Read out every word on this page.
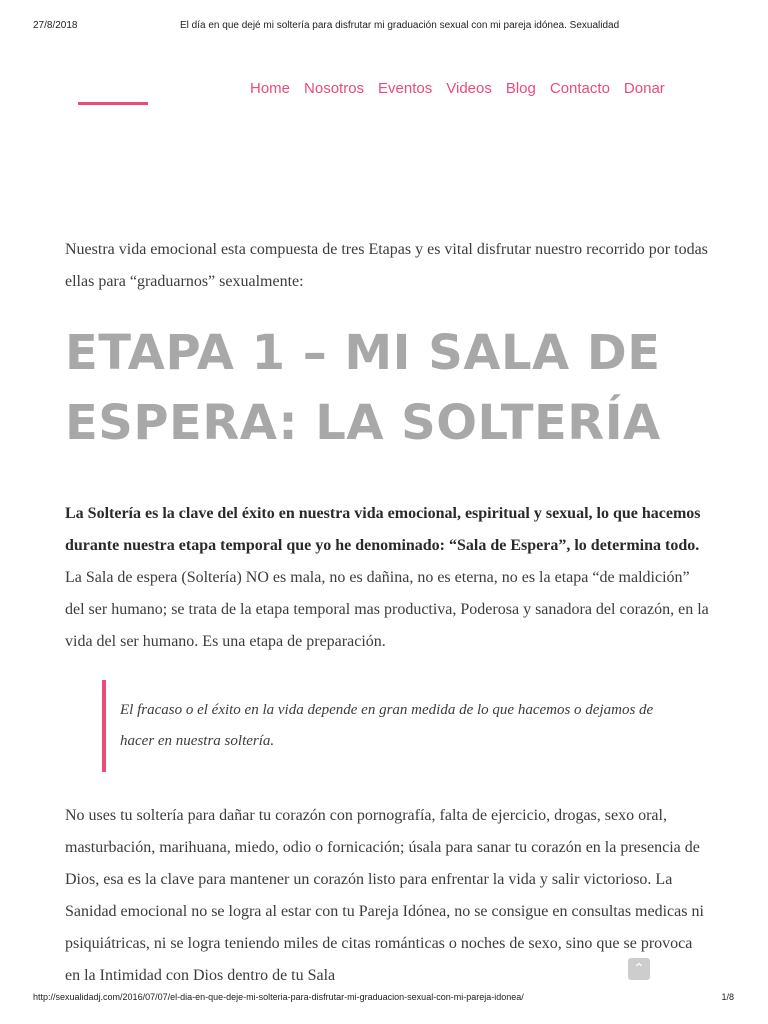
27/8/2018	El día en que dejé mi soltería para disfrutar mi graduación sexual con mi pareja idónea. Sexualidad
Home Nosotros Eventos Videos Blog Contacto Donar

Nuestra vida emocional esta compuesta de tres Etapas y es vital disfrutar nuestro recorrido por todas ellas para “graduarnos” sexualmente:

ETAPA 1 – MI SALA DE ESPERA: LA SOLTERÍA

La Soltería es la clave del éxito en nuestra vida emocional, espiritual y sexual, lo que hacemos durante nuestra etapa temporal que yo he denominado: “Sala de Espera”, lo determina todo. La Sala de espera (Soltería) NO es mala, no es dañina, no es eterna, no es la etapa “de maldición” del ser humano; se trata de la etapa temporal mas productiva, Poderosa y sanadora del corazón, en la vida del ser humano. Es una etapa de preparación.

El fracaso o el éxito en la vida depende en gran medida de lo que hacemos o dejamos de hacer en nuestra soltería.

No uses tu soltería para dañar tu corazón con pornografía, falta de ejercicio, drogas, sexo oral, masturbación, marihuana, miedo, odio o fornicación; úsala para sanar tu corazón en la presencia de Dios, esa es la clave para mantener un corazón listo para enfrentar la vida y salir victorioso. La Sanidad emocional no se logra al estar con tu Pareja Idónea, no se consigue en consultas medicas ni psiquiátricas, ni se logra teniendo miles de citas románticas o noches de sexo, sino que se provoca en la Intimidad con Dios dentro de tu Sala	⌃
http://sexualidadj.com/2016/07/07/el-dia-en-que-deje-mi-solteria-para-disfrutar-mi-graduacion-sexual-con-mi-pareja-idonea/	1/8
